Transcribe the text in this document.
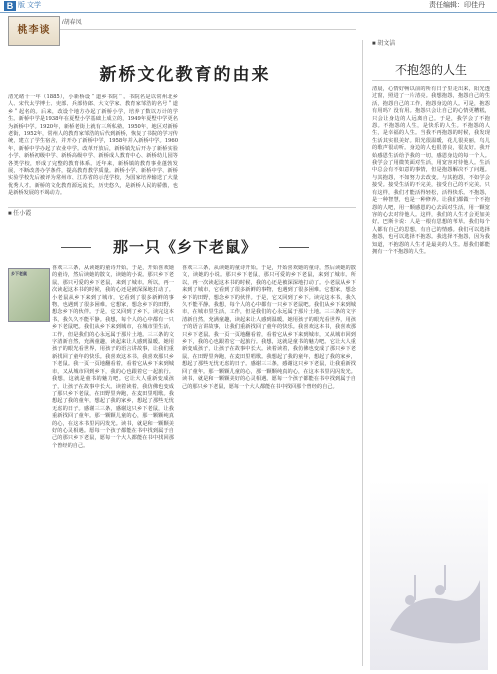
B 版 文学	责任编辑：印佳丹
桃李谈
/胡春凤
新桥文化教育的由来
清光绪十一年（1885），小新桥设＂道乡书院＂。书院名是以常州北乡人、宋代太学博士、吏部、兵部侍郎、大文学家、教育家邹浩的名号＂道乡＂起名的。后来，改设个地方办起了新桥小学，培养了数以万计的学生。新桥中学是1938年在夏墅小学基础上成立的，1949年夏墅中学更名为新桥中学。1920年，新桥老街上就有三所私塾。1950年，地区对新桥老街，1952年，常州人的教育家邹浩的后代到新桥，恢复了书院的学习传统，建立了学生宿舍，并开办了新桥中学，1958年并入新桥中学。1960年，新桥中学办起了农业中学。改革开放后，新桥镇先后开办了新桥实验小学、新桥初级中学、新桥高级中学、新桥成人教育中心、新桥幼儿园等各类学校，形成了完整的教育体系。近年来，新桥镇的教育事业蓬勃发展，不断改善办学条件，提高教育教学质量。新桥小学、新桥中学、新桥实验学校先后被评为常州市、江苏省的示范学校，为国家培养输送了大量优秀人才。新桥的文化教育源远流长，历史悠久，是新桥人民的骄傲，也是新桥发展的不竭动力。
■ 任小霞
那一只《乡下老鼠》
乡下老鼠
喜欢三三条，从读她的童诗开始。于是，开始喜欢她的童诗，然后读她的散文，读她的小说。那只乡下老鼠，那只可爱的乡下老鼠，来到了城市。所以，再一次读起这本书的时候，我的心还是被深深地打动了。小老鼠从乡下来到了城市，它看到了很多新鲜的事物，也遇到了很多困难。它想家，想念乡下的田野，想念乡下的伙伴。于是，它又回到了乡下。读完这本书，我久久不能平静。我想，每个人的心中都有一只乡下老鼠吧。我们从乡下来到城市，在城市里生活，工作，但是我们的心永远属于那片土地。三三条的文字清新自然，充满童趣，读起来让人感到温暖。她用孩子的眼光看世界，用孩子的语言讲故事，让我们重新找回了童年的快乐。我喜欢这本书，我喜欢那只乡下老鼠。我一页一页地翻看着，看着它从乡下来到城市，又从城市回到乡下，我的心也跟着它一起旅行。我想，这就是童书的魅力吧。它让大人重新变成孩子，让孩子在故事中长大。读着读着，我仿佛也变成了那只乡下老鼠，在田野里奔跑，在麦田里唱歌。我想起了我的童年，想起了我的家乡，想起了那些无忧无虑的日子。感谢三三条，感谢这只乡下老鼠，让我重新找回了童年。那一颗颗儿童的心，那一颗颗纯真的心，在这本书里闪闪发光。读书，就是和一颗颗美好的心灵相遇。愿每一个孩子都能在书中找到属于自己的那只乡下老鼠，愿每一个大人都能在书中找回那个曾经的自己。
喜欢三三条，从读她的童诗开始。于是，开始喜欢她的童诗，然后读她的散文，读她的小说。那只乡下老鼠，那只可爱的乡下老鼠，来到了城市。所以，再一次读起这本书的时候，我的心还是被深深地打动了。小老鼠从乡下来到了城市，它看到了很多新鲜的事物，也遇到了很多困难。它想家，想念乡下的田野，想念乡下的伙伴。于是，它又回到了乡下。读完这本书，我久久不能平静。我想，每个人的心中都有一只乡下老鼠吧。我们从乡下来到城市，在城市里生活，工作，但是我们的心永远属于那片土地。三三条的文字清新自然，充满童趣，读起来让人感到温暖。她用孩子的眼光看世界，用孩子的语言讲故事，让我们重新找回了童年的快乐。我喜欢这本书，我喜欢那只乡下老鼠。我一页一页地翻看着，看着它从乡下来到城市，又从城市回到乡下，我的心也跟着它一起旅行。我想，这就是童书的魅力吧。它让大人重新变成孩子，让孩子在故事中长大。读着读着，我仿佛也变成了那只乡下老鼠，在田野里奔跑，在麦田里唱歌。我想起了我的童年，想起了我的家乡，想起了那些无忧无虑的日子。感谢三三条，感谢这只乡下老鼠，让我重新找回了童年。那一颗颗儿童的心，那一颗颗纯真的心，在这本书里闪闪发光。读书，就是和一颗颗美好的心灵相遇。愿每一个孩子都能在书中找到属于自己的那只乡下老鼠，愿每一个大人都能在书中找回那个曾经的自己。
■ 胡文洁
不抱怨的人生
清晨，心情好畅以前的所有日子里走出来，阳光透过窗，照进了一片清亮。我想抱怨，抱怨自己的生活，抱怨自己的工作，抱怨身边的人。可是，抱怨有用吗？没有用。抱怨只会让自己的心情更糟糕，只会让身边的人远离自己。于是，我学会了不抱怨。不抱怨的人生，是快乐的人生。不抱怨的人生，是幸福的人生。当我不再抱怨的时候，我发现生活其实很美好。阳光很温暖，花儿很美丽，鸟儿的歌声很动听。身边的人也很善良，很友好。我开始感恩生活给予我的一切，感恩身边的每一个人。我学会了用微笑面对生活，用宽容对待他人。生活中总会有不如意的事情，但是抱怨解决不了问题。与其抱怨，不如努力去改变。与其抱怨，不如学会接受。接受生活的不完美，接受自己的不完美。只有这样，我们才能活得轻松，活得快乐。不抱怨，是一种智慧，也是一种修养。让我们都做一个不抱怨的人吧，用一颗感恩的心去面对生活，用一颗宽容的心去对待他人。这样，我们的人生才会更加美好。巴斯卡说：人是一根有思想的苇草。我们每个人都有自己的思想，有自己的情感。我们可以选择抱怨，也可以选择不抱怨。我选择不抱怨，因为我知道，不抱怨的人生才是最美的人生。愿我们都能拥有一个不抱怨的人生。
